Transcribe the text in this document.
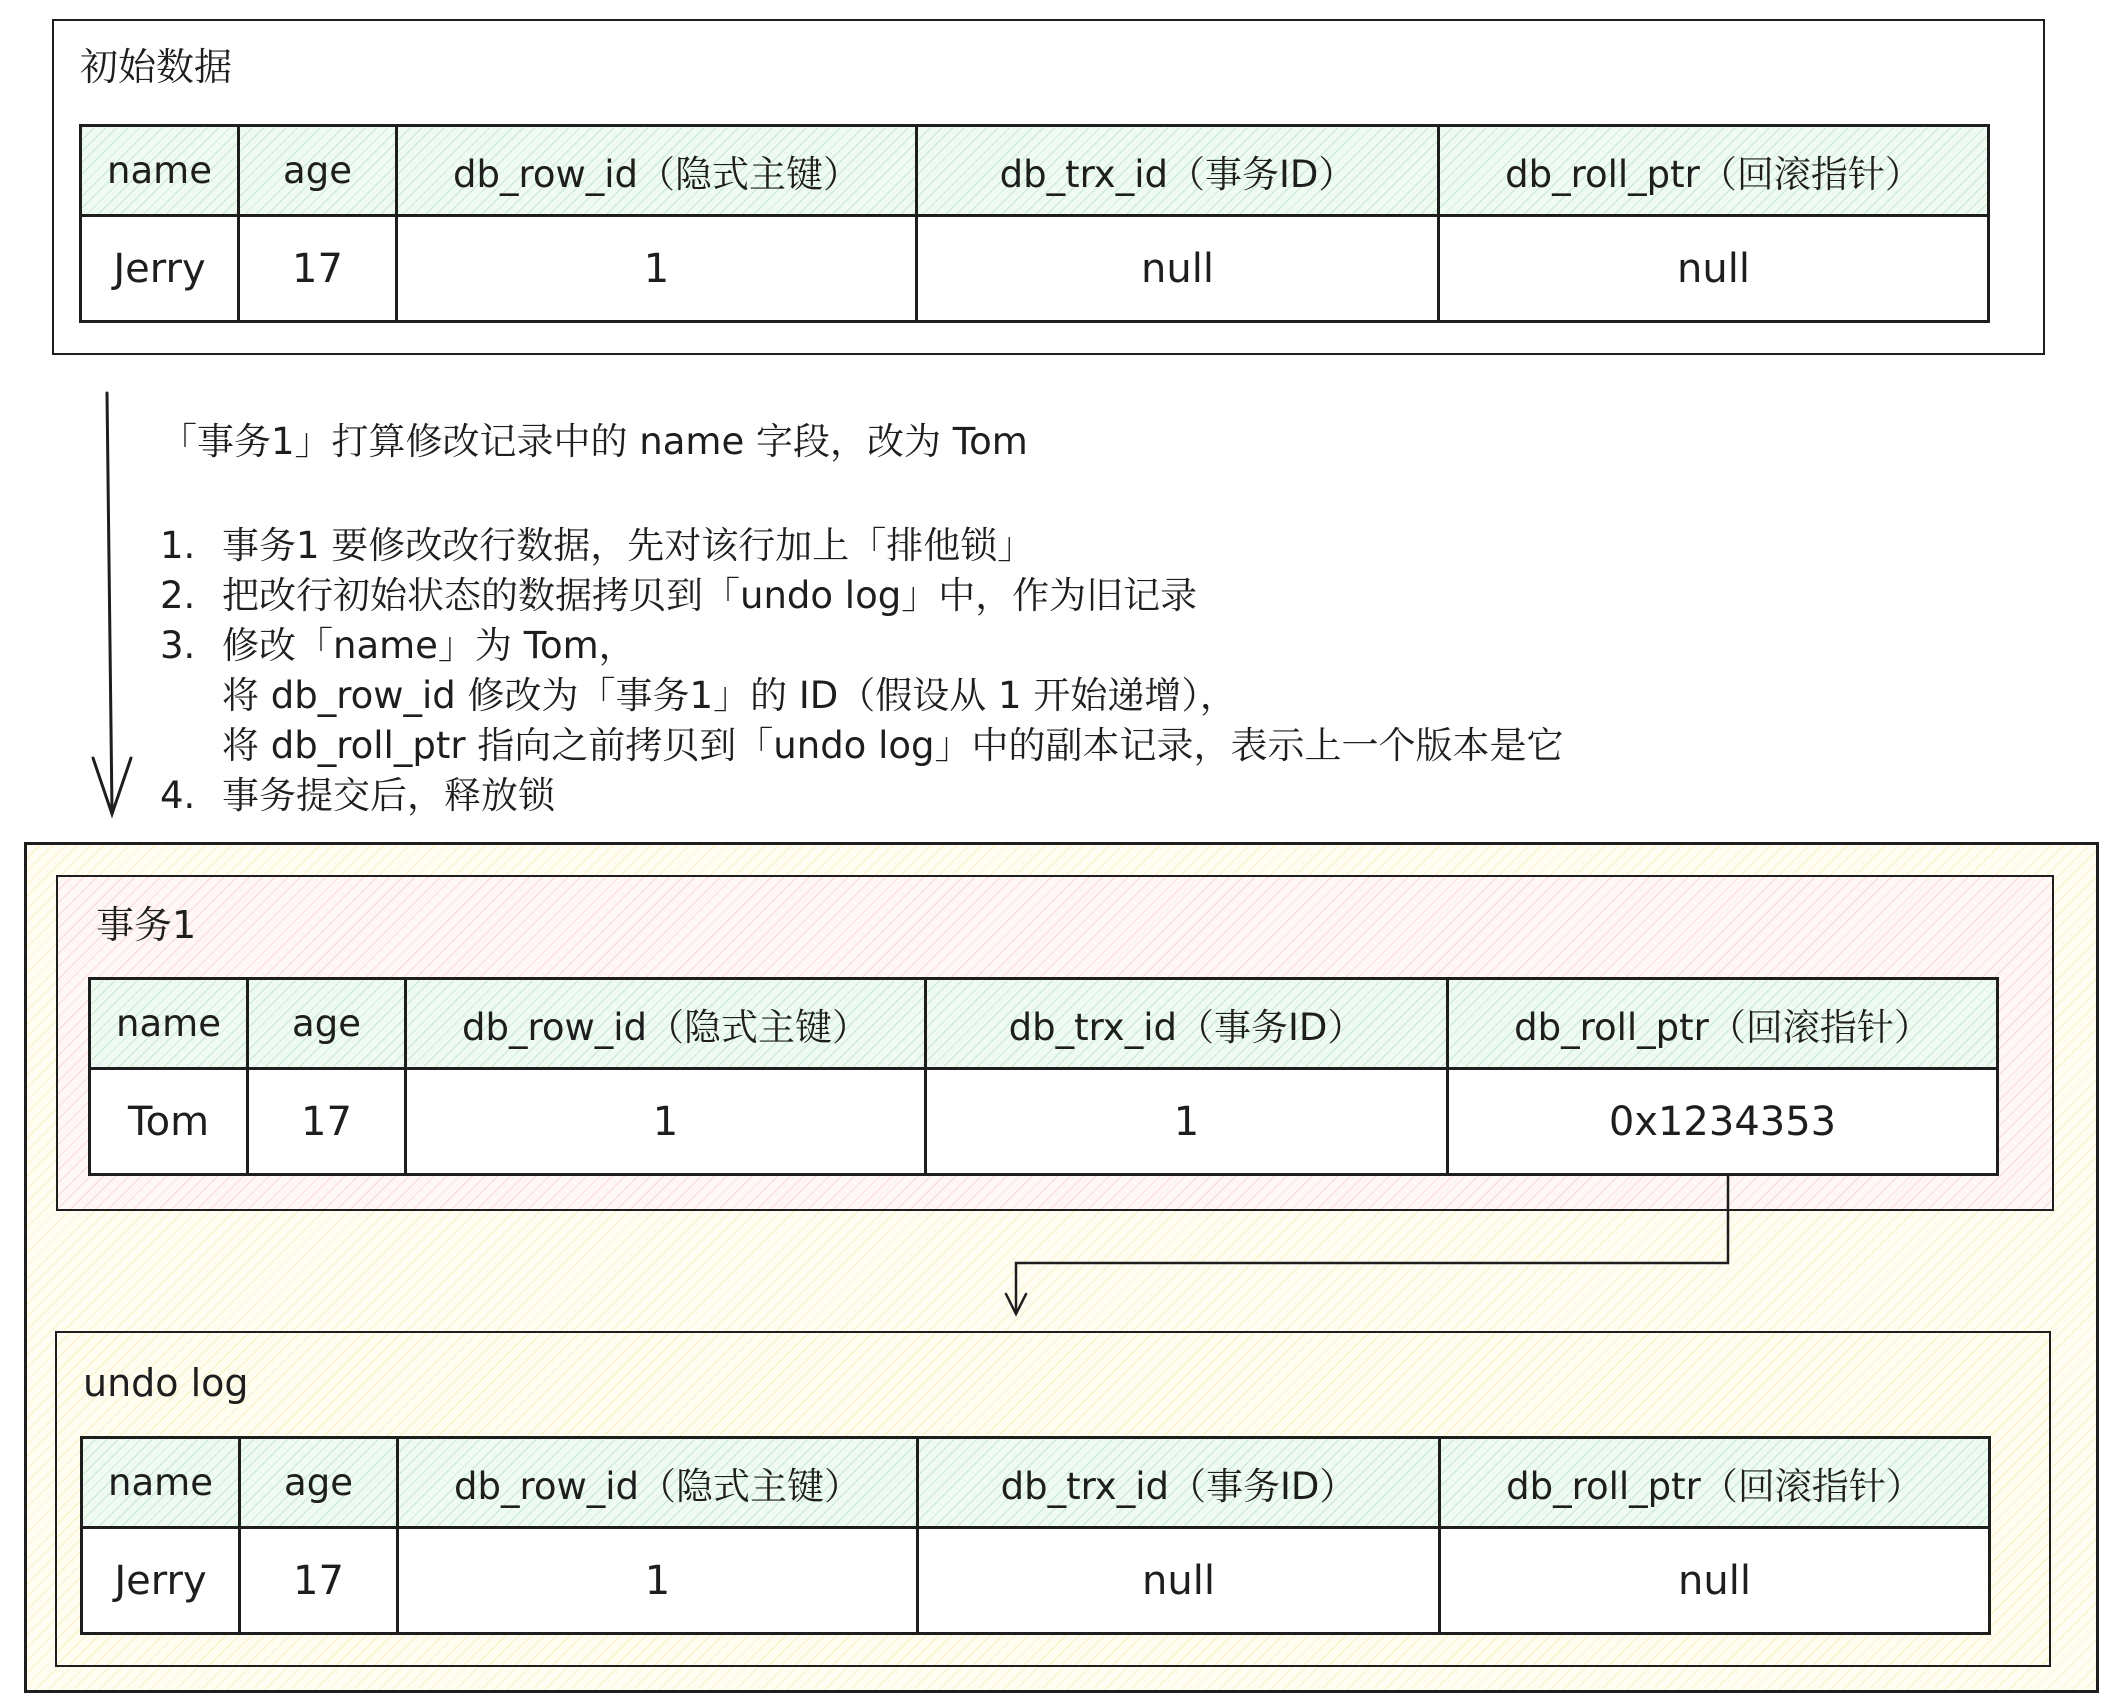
初始数据
name	age	db_row_id（隐式主键）	db_trx_id（事务ID）	db_roll_ptr（回滚指针）
Jerry	17	1	null	null
「事务1」打算修改记录中的 name 字段，改为 Tom
1. 事务1 要修改改行数据，先对该行加上「排他锁」
2. 把改行初始状态的数据拷贝到「undo log」中，作为旧记录
3. 修改「name」为 Tom，
将 db_row_id 修改为「事务1」的 ID（假设从 1 开始递增），
将 db_roll_ptr 指向之前拷贝到「undo log」中的副本记录，表示上一个版本是它
4. 事务提交后，释放锁
事务1
name	age	db_row_id（隐式主键）	db_trx_id（事务ID）	db_roll_ptr（回滚指针）
Tom	17	1	1	0x1234353
undo log
name	age	db_row_id（隐式主键）	db_trx_id（事务ID）	db_roll_ptr（回滚指针）
Jerry	17	1	null	null
